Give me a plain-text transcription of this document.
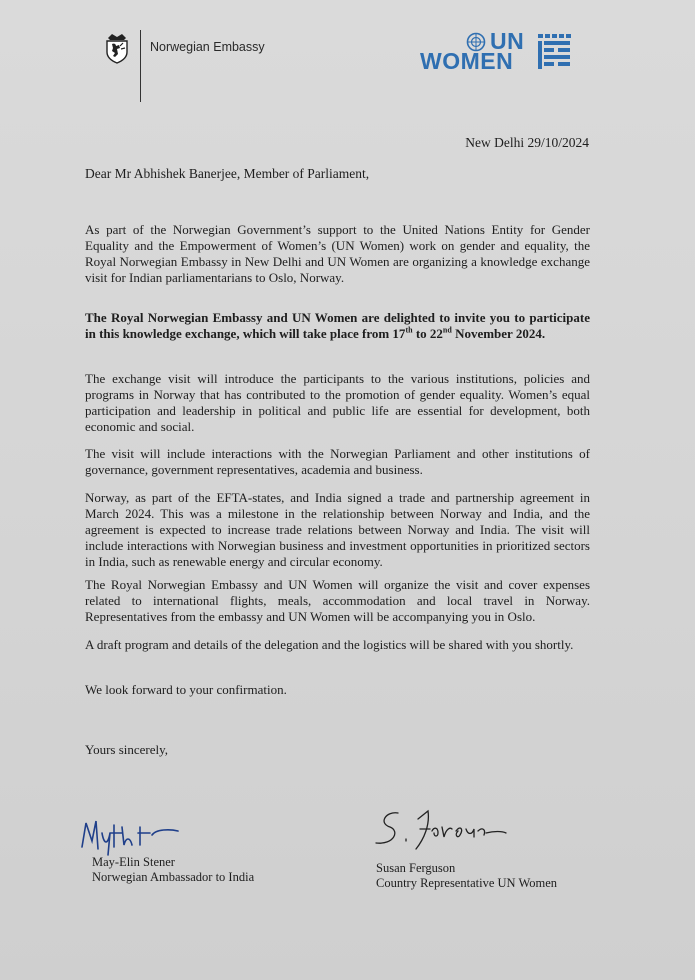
Norwegian Embassy	UN
WOMEN
New Delhi 29/10/2024
Dear Mr Abhishek Banerjee, Member of Parliament,
As part of the Norwegian Government’s support to the United Nations Entity for Gender Equality and the Empowerment of Women’s (UN Women) work on gender and equality, the Royal Norwegian Embassy in New Delhi and UN Women are organizing a knowledge exchange visit for Indian parliamentarians to Oslo, Norway.
The Royal Norwegian Embassy and UN Women are delighted to invite you to participate in this knowledge exchange, which will take place from 17th to 22nd November 2024.
The exchange visit will introduce the participants to the various institutions, policies and programs in Norway that has contributed to the promotion of gender equality. Women’s equal participation and leadership in political and public life are essential for development, both economic and social.
The visit will include interactions with the Norwegian Parliament and other institutions of governance, government representatives, academia and business.
Norway, as part of the EFTA-states, and India signed a trade and partnership agreement in March 2024. This was a milestone in the relationship between Norway and India, and the agreement is expected to increase trade relations between Norway and India. The visit will include interactions with Norwegian business and investment opportunities in prioritized sectors in India, such as renewable energy and circular economy.
The Royal Norwegian Embassy and UN Women will organize the visit and cover expenses related to international flights, meals, accommodation and local travel in Norway. Representatives from the embassy and UN Women will be accompanying you in Oslo.
A draft program and details of the delegation and the logistics will be shared with you shortly.
We look forward to your confirmation.
Yours sincerely,
May-Elin Stener
Norwegian Ambassador to India
Susan Ferguson
Country Representative UN Women
